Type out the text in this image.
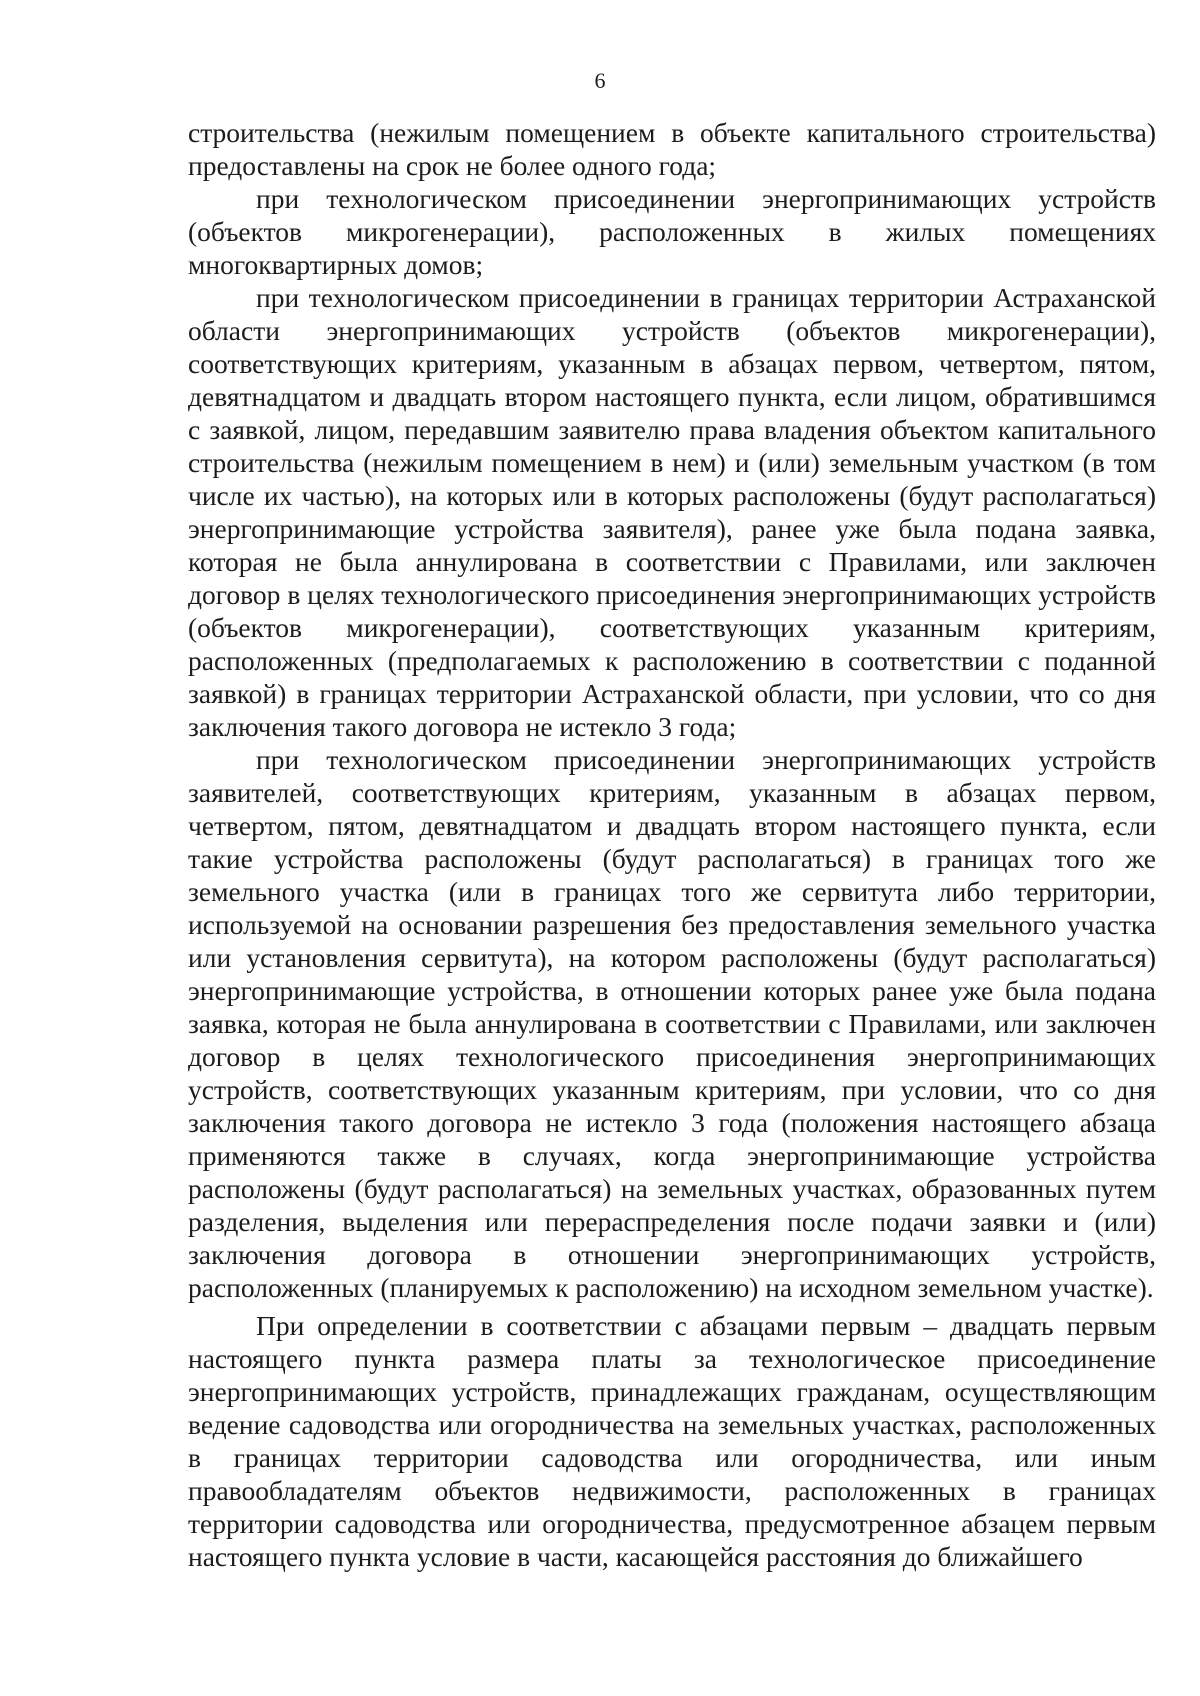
6

строительства (нежилым помещением в объекте капитального строительства) предоставлены на срок не более одного года;

при технологическом присоединении энергопринимающих устройств (объектов микрогенерации), расположенных в жилых помещениях многоквартирных домов;

при технологическом присоединении в границах территории Астраханской области энергопринимающих устройств (объектов микрогенерации), соответствующих критериям, указанным в абзацах первом, четвертом, пятом, девятнадцатом и двадцать втором настоящего пункта, если лицом, обратившимся с заявкой, лицом, передавшим заявителю права владения объектом капитального строительства (нежилым помещением в нем) и (или) земельным участком (в том числе их частью), на которых или в которых расположены (будут располагаться) энергопринимающие устройства заявителя), ранее уже была подана заявка, которая не была аннулирована в соответствии с Правилами, или заключен договор в целях технологического присоединения энергопринимающих устройств (объектов микрогенерации), соответствующих указанным критериям, расположенных (предполагаемых к расположению в соответствии с поданной заявкой) в границах территории Астраханской области, при условии, что со дня заключения такого договора не истекло 3 года;

при технологическом присоединении энергопринимающих устройств заявителей, соответствующих критериям, указанным в абзацах первом, четвертом, пятом, девятнадцатом и двадцать втором настоящего пункта, если такие устройства расположены (будут располагаться) в границах того же земельного участка (или в границах того же сервитута либо территории, используемой на основании разрешения без предоставления земельного участка или установления сервитута), на котором расположены (будут располагаться) энергопринимающие устройства, в отношении которых ранее уже была подана заявка, которая не была аннулирована в соответствии с Правилами, или заключен договор в целях технологического присоединения энергопринимающих устройств, соответствующих указанным критериям, при условии, что со дня заключения такого договора не истекло 3 года (положения настоящего абзаца применяются также в случаях, когда энергопринимающие устройства расположены (будут располагаться) на земельных участках, образованных путем разделения, выделения или перераспределения после подачи заявки и (или) заключения договора в отношении энергопринимающих устройств, расположенных (планируемых к расположению) на исходном земельном участке).

При определении в соответствии с абзацами первым – двадцать первым настоящего пункта размера платы за технологическое присоединение энергопринимающих устройств, принадлежащих гражданам, осуществляющим ведение садоводства или огородничества на земельных участках, расположенных в границах территории садоводства или огородничества, или иным правообладателям объектов недвижимости, расположенных в границах территории садоводства или огородничества, предусмотренное абзацем первым настоящего пункта условие в части, касающейся расстояния до ближайшего
